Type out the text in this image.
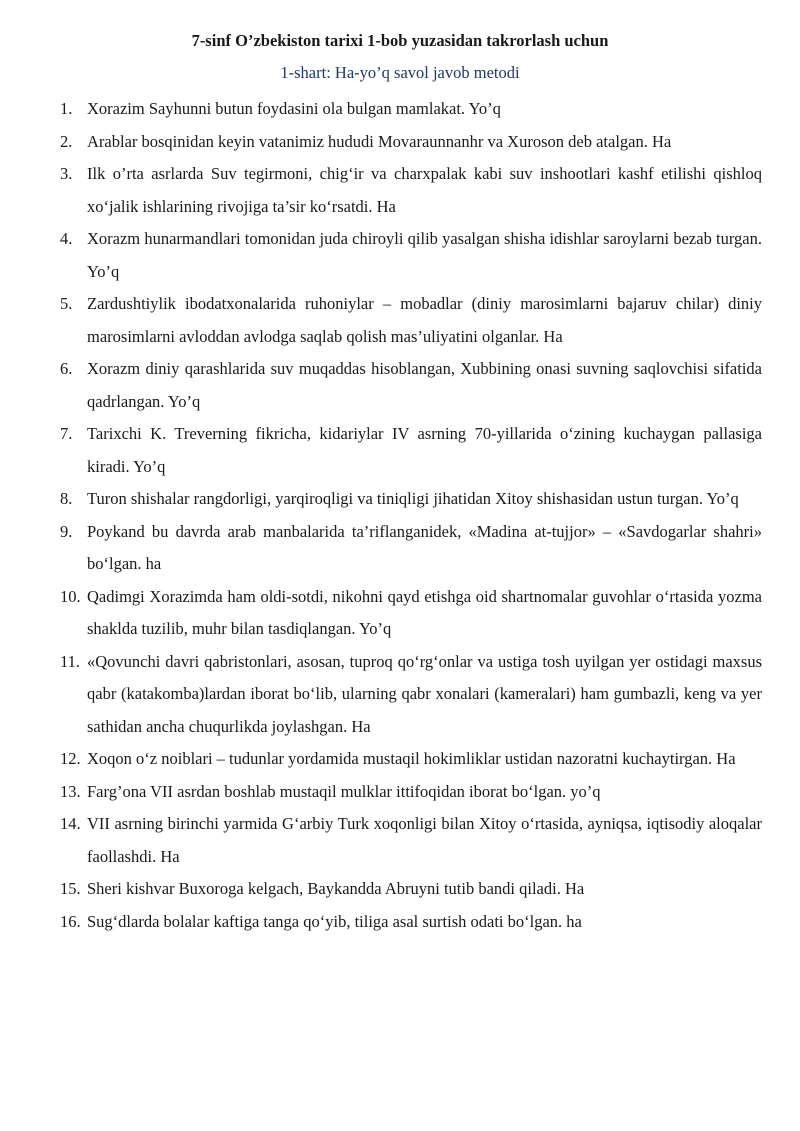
7-sinf O’zbekiston tarixi 1-bob yuzasidan takrorlash uchun

1-shart: Ha-yo’q savol javob metodi

1. Xorazim Sayhunni butun foydasini ola bulgan mamlakat. Yo’q
2. Arablar bosqinidan keyin vatanimiz hududi Movaraunnanhr va Xuroson deb atalgan. Ha
3. Ilk o’rta asrlarda Suv tegirmoni, chig‘ir va charxpalak kabi suv inshootlari kashf etilishi qishloq xo‘jalik ishlarining rivojiga ta’sir ko‘rsatdi. Ha
4. Xorazm hunarmandlari tomonidan juda chiroyli qilib yasalgan shisha idishlar saroylarni bezab turgan. Yo’q
5. Zardushtiylik ibodatxonalarida ruhoniylar – mobadlar (diniy marosimlarni bajaruv chilar) diniy marosimlarni avloddan avlodga saqlab qolish mas’uliyatini olganlar. Ha
6. Xorazm diniy qarashlarida suv muqaddas hisoblangan, Xubbining onasi suvning saqlovchisi sifatida qadrlangan. Yo’q
7. Tarixchi K. Treverning fikricha, kidariylar IV asrning 70-yillarida o‘zining kuchaygan pallasiga kiradi. Yo’q
8. Turon shishalar rangdorligi, yarqiroqligi va tiniqligi jihatidan Xitoy shishasidan ustun turgan. Yo’q
9. Poykand bu davrda arab manbalarida ta’riflanganidek, «Madina at-tujjor» – «Savdogarlar shahri» bo‘lgan. ha
10. Qadimgi Xorazimda ham oldi-sotdi, nikohni qayd etishga oid shartnomalar guvohlar o‘rtasida yozma shaklda tuzilib, muhr bilan tasdiqlangan. Yo’q
11. «Qovunchi davri qabristonlari, asosan, tuproq qo‘rg‘onlar va ustiga tosh uyilgan yer ostidagi maxsus qabr (katakomba)lardan iborat bo‘lib, ularning qabr xonalari (kameralari) ham gumbazli, keng va yer sathidan ancha chuqurlikda joylashgan. Ha
12. Xoqon o‘z noiblari – tudunlar yordamida mustaqil hokimliklar ustidan nazoratni kuchaytirgan. Ha
13. Farg’ona VII asrdan boshlab mustaqil mulklar ittifoqidan iborat bo‘lgan. yo’q
14. VII asrning birinchi yarmida G‘arbiy Turk xoqonligi bilan Xitoy o‘rtasida, ayniqsa, iqtisodiy aloqalar faollashdi. Ha
15. Sheri kishvar Buxoroga kelgach, Baykandda Abruyni tutib bandi qiladi. Ha
16. Sug‘dlarda bolalar kaftiga tanga qo‘yib, tiliga asal surtish odati bo‘lgan. ha
